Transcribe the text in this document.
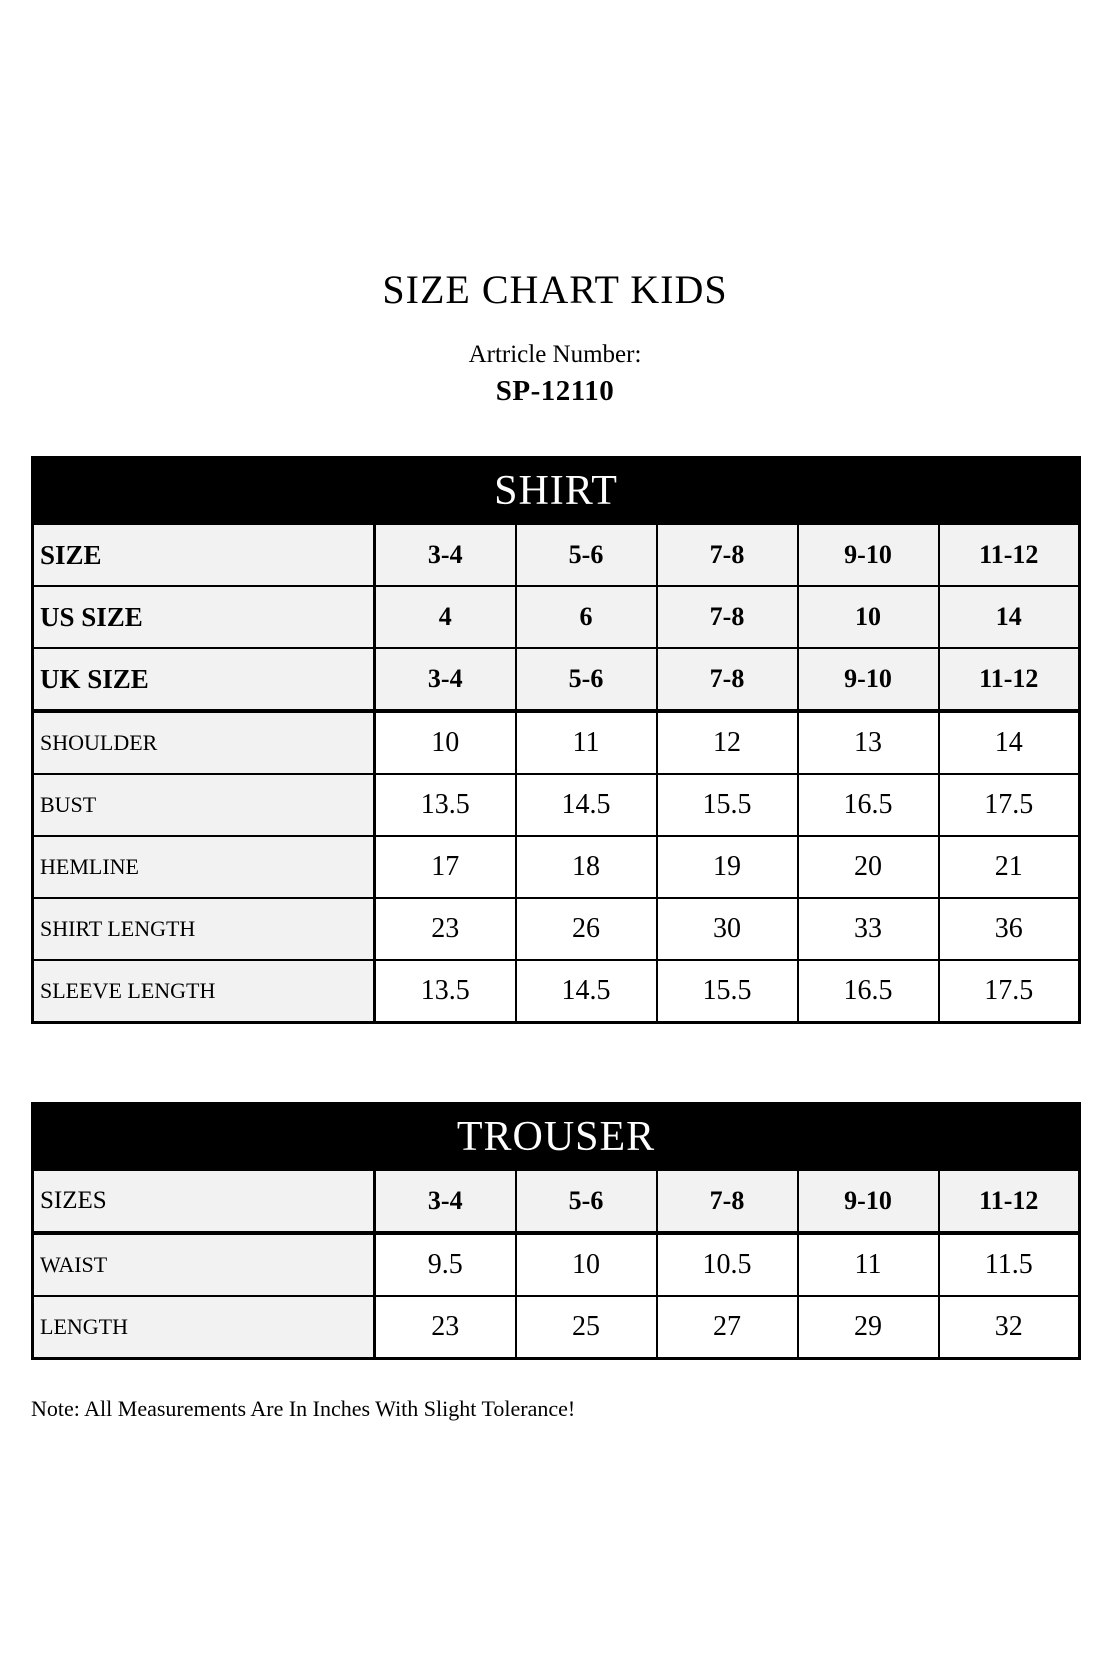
SIZE CHART KIDS

Artricle Number:

SP-12110

SHIRT					
SIZE	3-4	5-6	7-8	9-10	11-12
US SIZE	4	6	7-8	10	14
UK SIZE	3-4	5-6	7-8	9-10	11-12
SHOULDER	10	11	12	13	14
BUST	13.5	14.5	15.5	16.5	17.5
HEMLINE	17	18	19	20	21
SHIRT LENGTH	23	26	30	33	36
SLEEVE LENGTH	13.5	14.5	15.5	16.5	17.5
TROUSER					
SIZES	3-4	5-6	7-8	9-10	11-12
WAIST	9.5	10	10.5	11	11.5
LENGTH	23	25	27	29	32

Note: All Measurements Are In Inches With Slight Tolerance!
